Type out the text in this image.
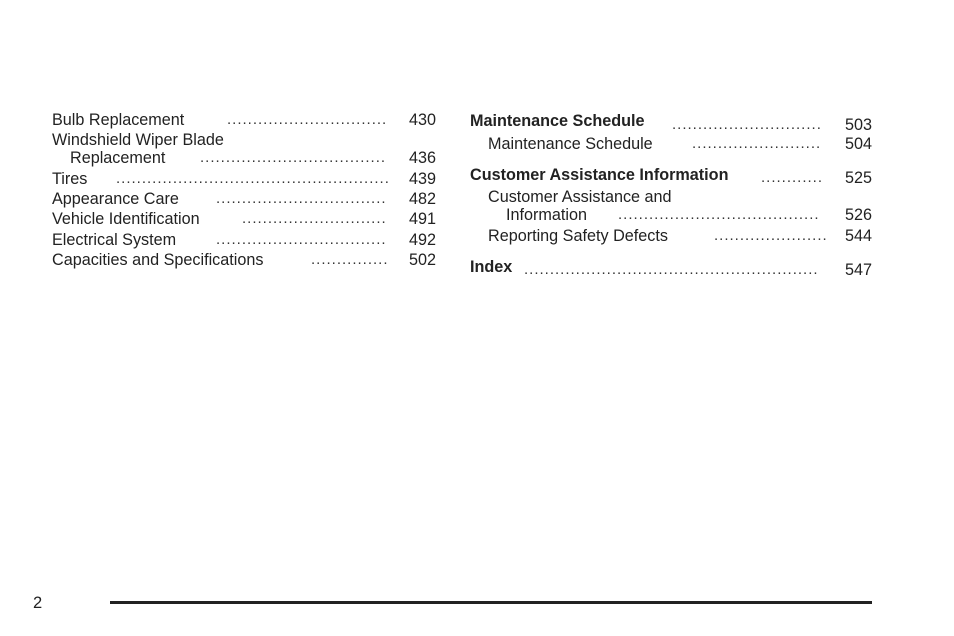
Bulb Replacement	...............................	430
Windshield Wiper Blade
Replacement ....................................	436
Tires ..................................................... 439
Appearance Care .................................	482
Vehicle Identification	............................	491
Electrical System	.................................	492
Capacities and Specifications	...............	502
Maintenance Schedule .............................	503
Maintenance Schedule	.........................	504
Customer Assistance Information ............	525
Customer Assistance and
Information .......................................	526
Reporting Safety Defects	...................... 544
Index .........................................................	547
2
